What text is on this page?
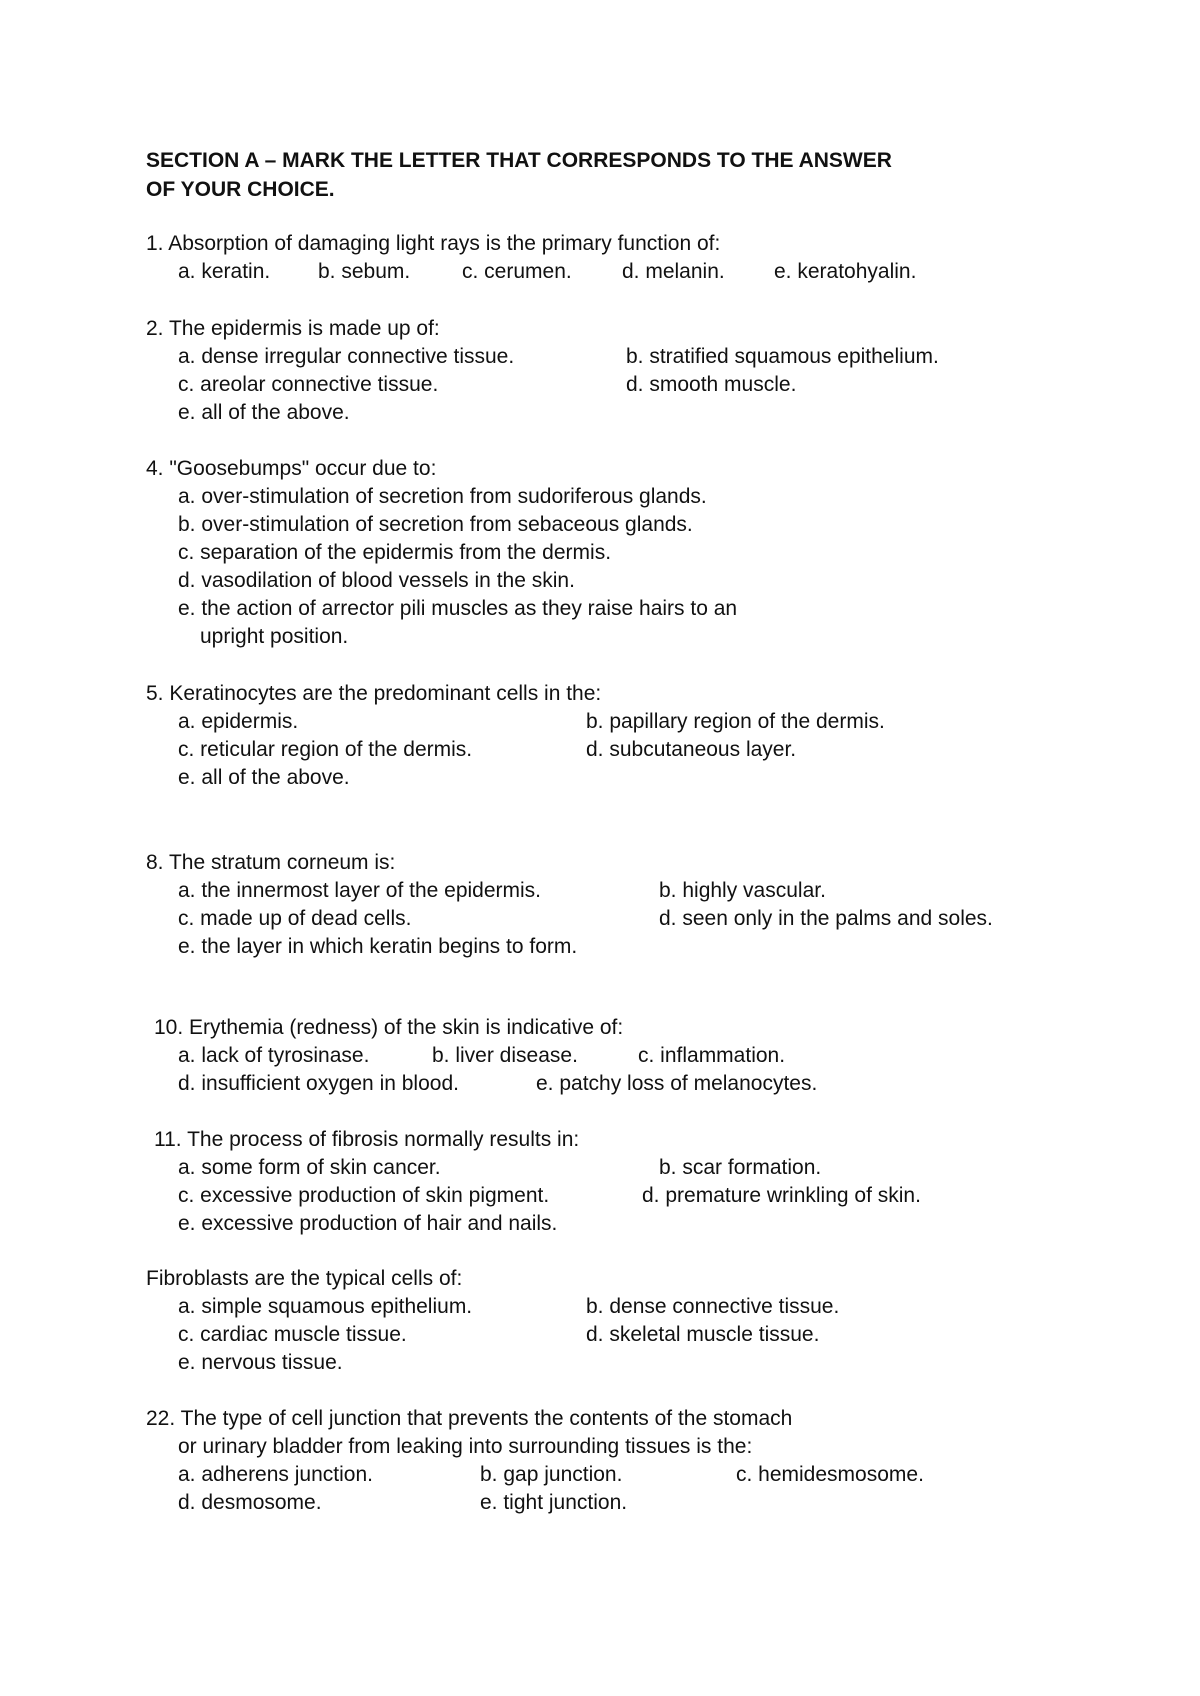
SECTION A – MARK THE LETTER THAT CORRESPONDS TO THE ANSWER
OF YOUR CHOICE.
1. Absorption of damaging light rays is the primary function of:
a. keratin. b. sebum. c. cerumen. d. melanin. e. keratohyalin.
2. The epidermis is made up of:
a. dense irregular connective tissue.	b. stratified squamous epithelium.
c. areolar connective tissue.	d. smooth muscle.
e. all of the above.
4. "Goosebumps" occur due to:
a. over-stimulation of secretion from sudoriferous glands.
b. over-stimulation of secretion from sebaceous glands.
c. separation of the epidermis from the dermis.
d. vasodilation of blood vessels in the skin.
e. the action of arrector pili muscles as they raise hairs to an
upright position.
5. Keratinocytes are the predominant cells in the:
a. epidermis.	b. papillary region of the dermis.
c. reticular region of the dermis.	d. subcutaneous layer.
e. all of the above.
8. The stratum corneum is:
a. the innermost layer of the epidermis.	b. highly vascular.
c. made up of dead cells.	d. seen only in the palms and soles.
e. the layer in which keratin begins to form.
10. Erythemia (redness) of the skin is indicative of:
a. lack of tyrosinase.	b. liver disease.	c. inflammation.
d. insufficient oxygen in blood.	e. patchy loss of melanocytes.
11. The process of fibrosis normally results in:
a. some form of skin cancer.	b. scar formation.
c. excessive production of skin pigment.	d. premature wrinkling of skin.
e. excessive production of hair and nails.
Fibroblasts are the typical cells of:
a. simple squamous epithelium.	b. dense connective tissue.
c. cardiac muscle tissue.	d. skeletal muscle tissue.
e. nervous tissue.
22. The type of cell junction that prevents the contents of the stomach
or urinary bladder from leaking into surrounding tissues is the:
a. adherens junction.	b. gap junction.	c. hemidesmosome.
d. desmosome.	e. tight junction.
